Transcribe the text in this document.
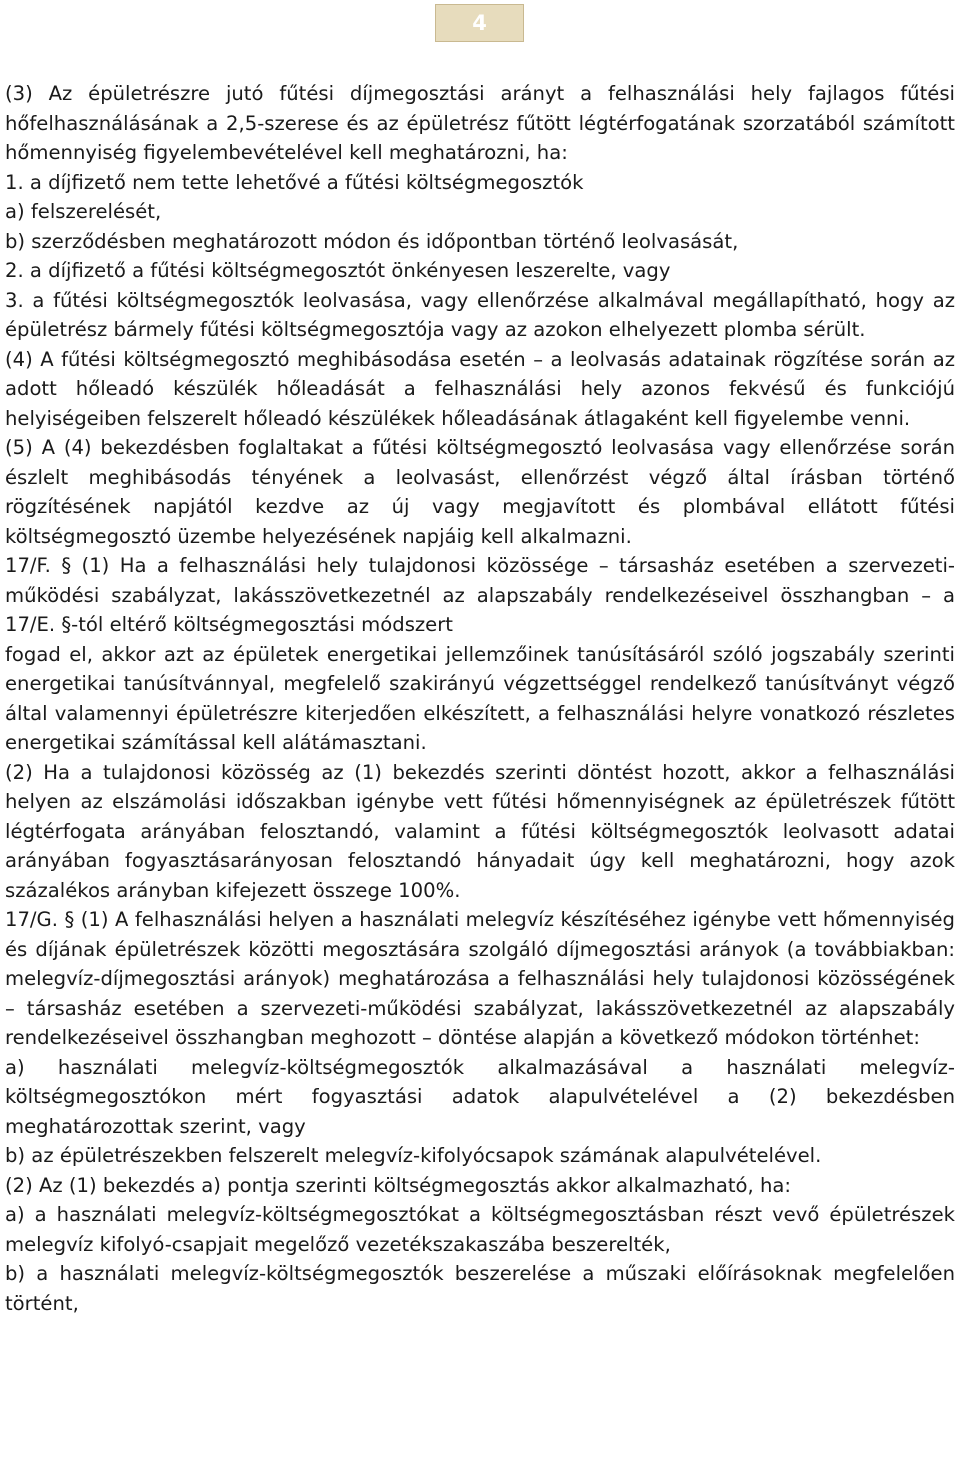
4

(3) Az épületrészre jutó fűtési díjmegosztási arányt a felhasználási hely fajlagos fűtési hőfelhasználásának a 2,5-szerese és az épületrész fűtött légtérfogatának szorzatából számított hőmennyiség figyelembevételével kell meghatározni, ha:

1. a díjfizető nem tette lehetővé a fűtési költségmegosztók

a) felszerelését,

b) szerződésben meghatározott módon és időpontban történő leolvasását,

2. a díjfizető a fűtési költségmegosztót önkényesen leszerelte, vagy

3. a fűtési költségmegosztók leolvasása, vagy ellenőrzése alkalmával megállapítható, hogy az épületrész bármely fűtési költségmegosztója vagy az azokon elhelyezett plomba sérült.

(4) A fűtési költségmegosztó meghibásodása esetén – a leolvasás adatainak rögzítése során az adott hőleadó készülék hőleadását a felhasználási hely azonos fekvésű és funkciójú helyiségeiben felszerelt hőleadó készülékek hőleadásának átlagaként kell figyelembe venni.

(5) A (4) bekezdésben foglaltakat a fűtési költségmegosztó leolvasása vagy ellenőrzése során észlelt meghibásodás tényének a leolvasást, ellenőrzést végző által írásban történő rögzítésének napjától kezdve az új vagy megjavított és plombával ellátott fűtési költségmegosztó üzembe helyezésének napjáig kell alkalmazni.

17/F. § (1) Ha a felhasználási hely tulajdonosi közössége – társasház esetében a szervezeti-működési szabályzat, lakásszövetkezetnél az alapszabály rendelkezéseivel összhangban – a 17/E. §-tól eltérő költségmegosztási módszert

fogad el, akkor azt az épületek energetikai jellemzőinek tanúsításáról szóló jogszabály szerinti energetikai tanúsítvánnyal, megfelelő szakirányú végzettséggel rendelkező tanúsítványt végző által valamennyi épületrészre kiterjedően elkészített, a felhasználási helyre vonatkozó részletes energetikai számítással kell alátámasztani.

(2) Ha a tulajdonosi közösség az (1) bekezdés szerinti döntést hozott, akkor a felhasználási helyen az elszámolási időszakban igénybe vett fűtési hőmennyiségnek az épületrészek fűtött légtérfogata arányában felosztandó, valamint a fűtési költségmegosztók leolvasott adatai arányában fogyasztásarányosan felosztandó hányadait úgy kell meghatározni, hogy azok százalékos arányban kifejezett összege 100%.

17/G. § (1) A felhasználási helyen a használati melegvíz készítéséhez igénybe vett hőmennyiség és díjának épületrészek közötti megosztására szolgáló díjmegosztási arányok (a továbbiakban: melegvíz-díjmegosztási arányok) meghatározása a felhasználási hely tulajdonosi közösségének – társasház esetében a szervezeti-működési szabályzat, lakásszövetkezetnél az alapszabály rendelkezéseivel összhangban meghozott – döntése alapján a következő módokon történhet:

a) használati melegvíz-költségmegosztók alkalmazásával a használati melegvíz-költségmegosztókon mért fogyasztási adatok alapulvételével a (2) bekezdésben meghatározottak szerint, vagy

b) az épületrészekben felszerelt melegvíz-kifolyócsapok számának alapulvételével.

(2) Az (1) bekezdés a) pontja szerinti költségmegosztás akkor alkalmazható, ha:

a) a használati melegvíz-költségmegosztókat a költségmegosztásban részt vevő épületrészek melegvíz kifolyó-csapjait megelőző vezetékszakaszába beszerelték,

b) a használati melegvíz-költségmegosztók beszerelése a műszaki előírásoknak megfelelően történt,
